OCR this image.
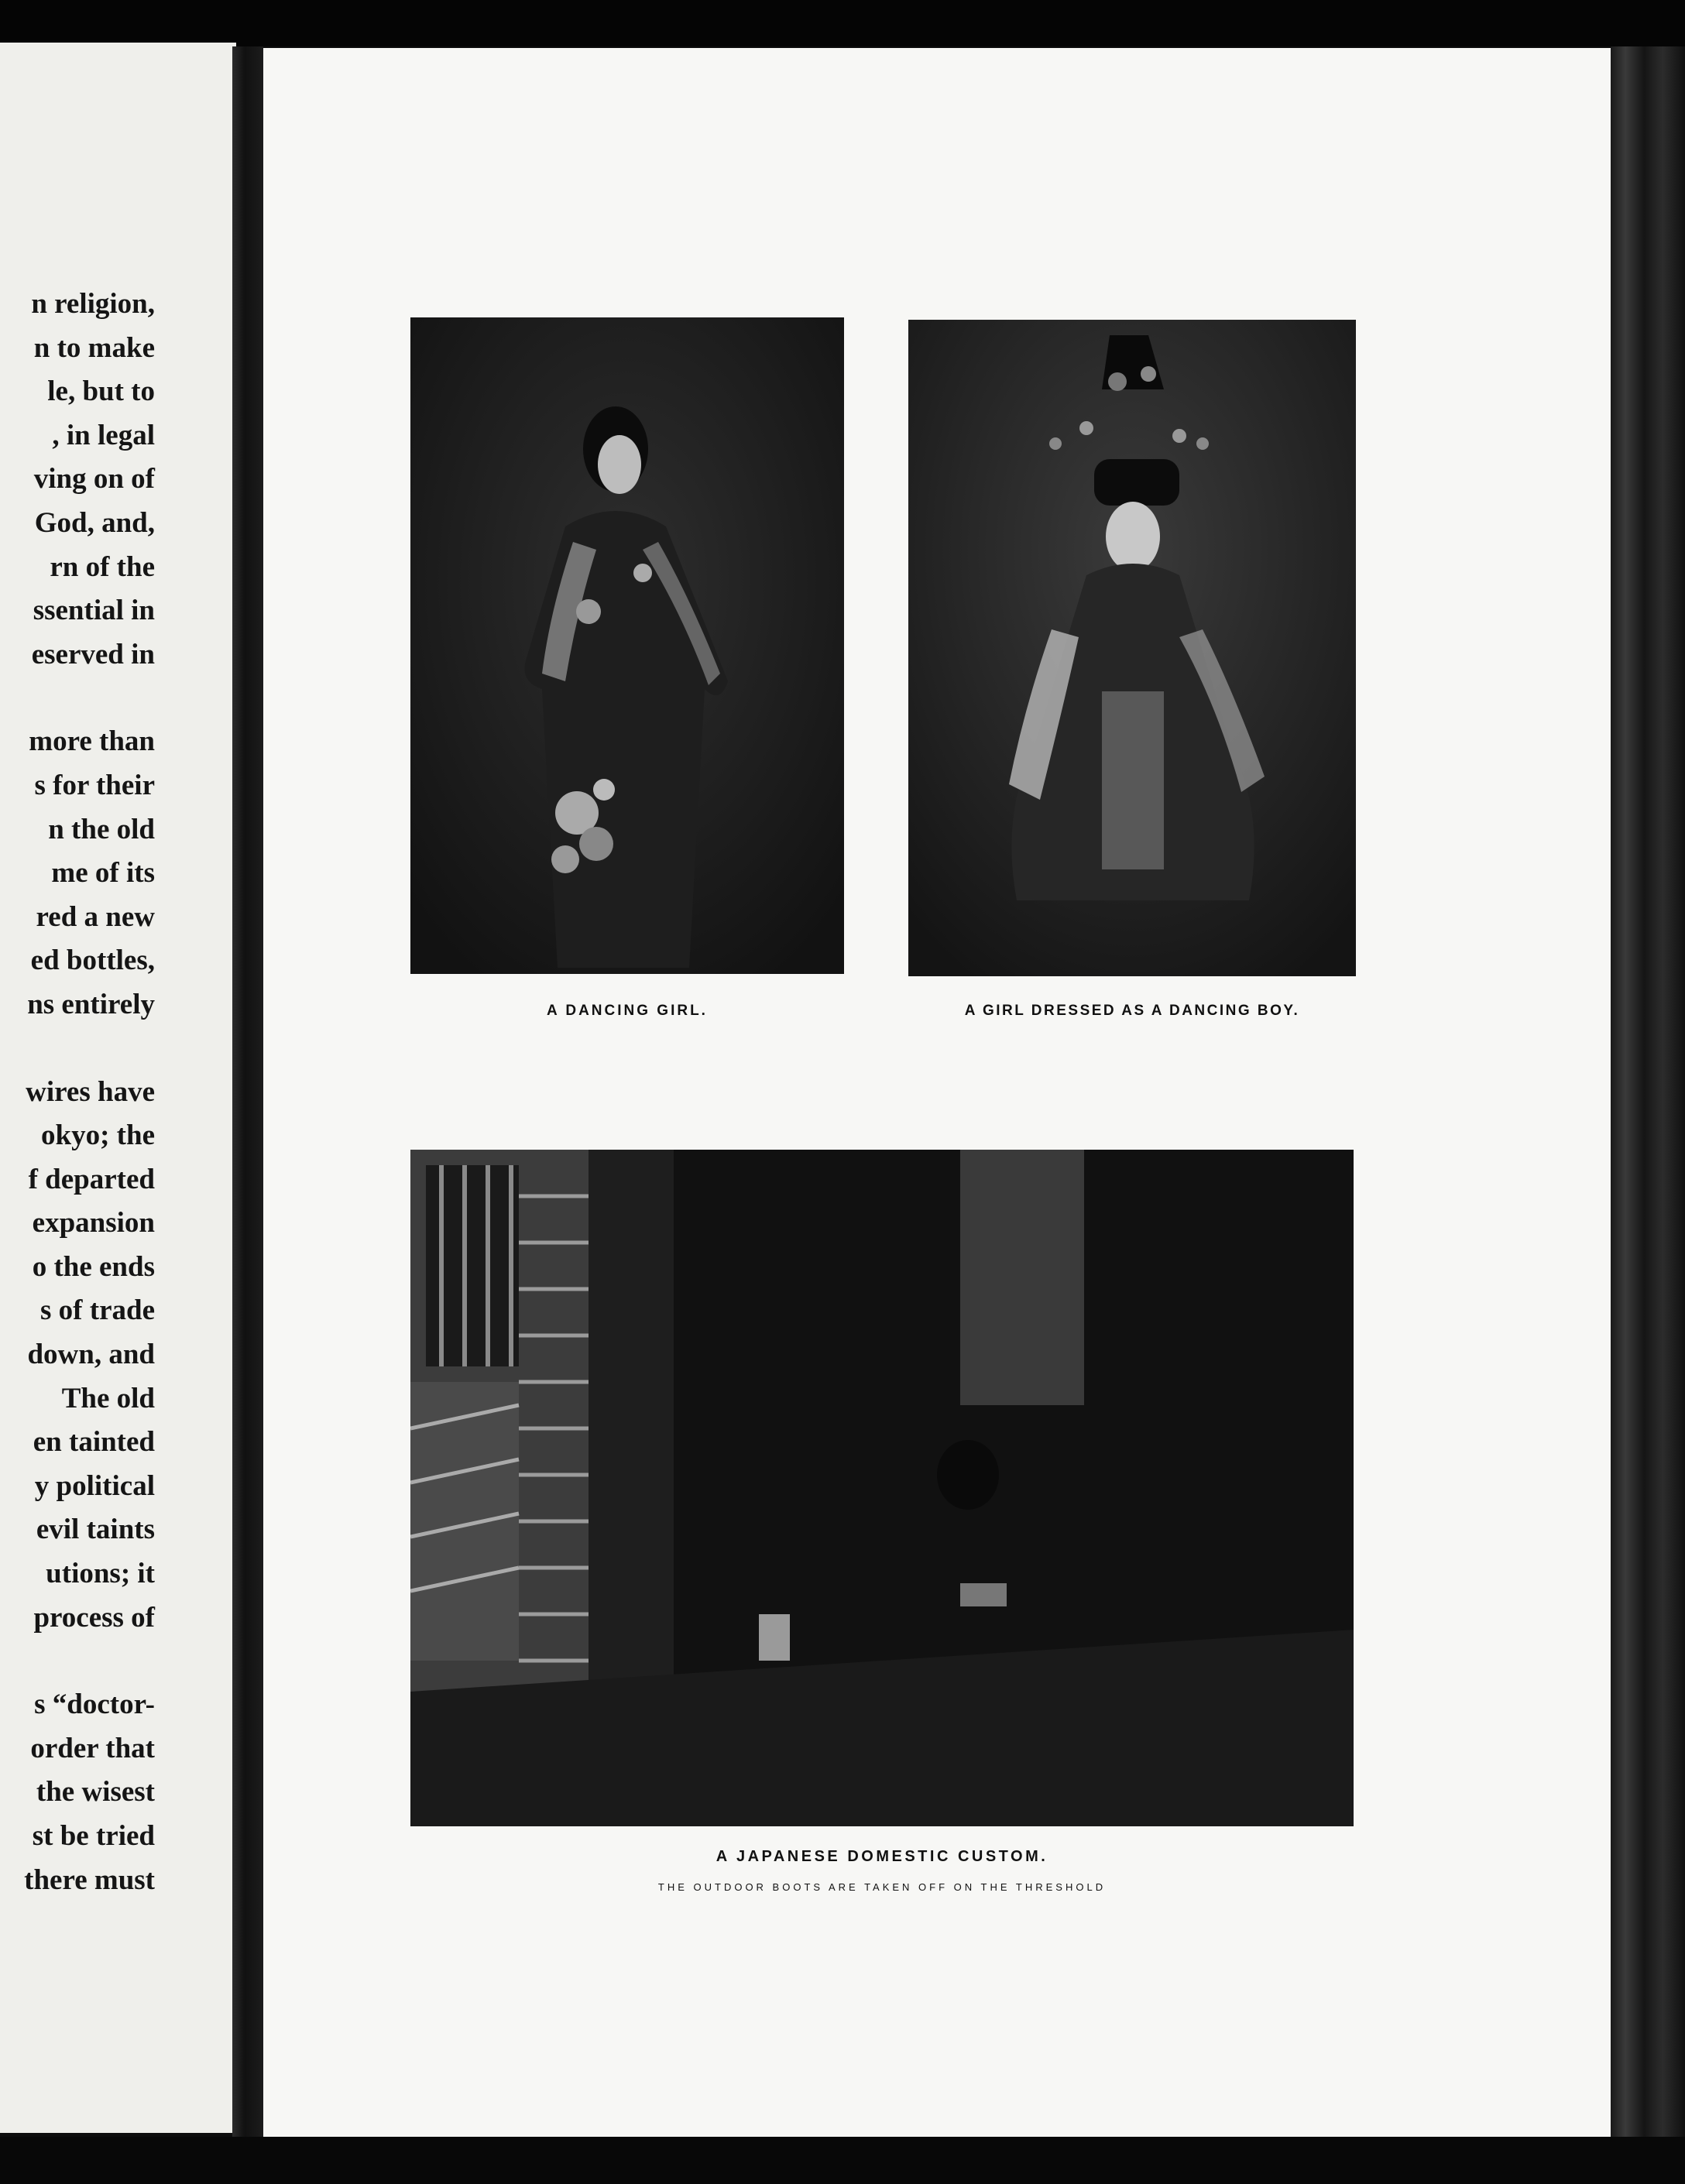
n religion,
n to make
le, but to
, in legal
ving on of
God, and,
rn of the
ssential in
eserved in
more than
s for their
n the old
me of its
red a new
ed bottles,
ns entirely
wires have
okyo; the
f departed
expansion
o the ends
s of trade
down, and
The old
en tainted
y political
evil taints
utions; it
process of
s “doctor-
order that
the wisest
st be tried
there must
A DANCING GIRL.	A GIRL DRESSED AS A DANCING BOY.
A JAPANESE DOMESTIC CUSTOM.
THE OUTDOOR BOOTS ARE TAKEN OFF ON THE THRESHOLD
